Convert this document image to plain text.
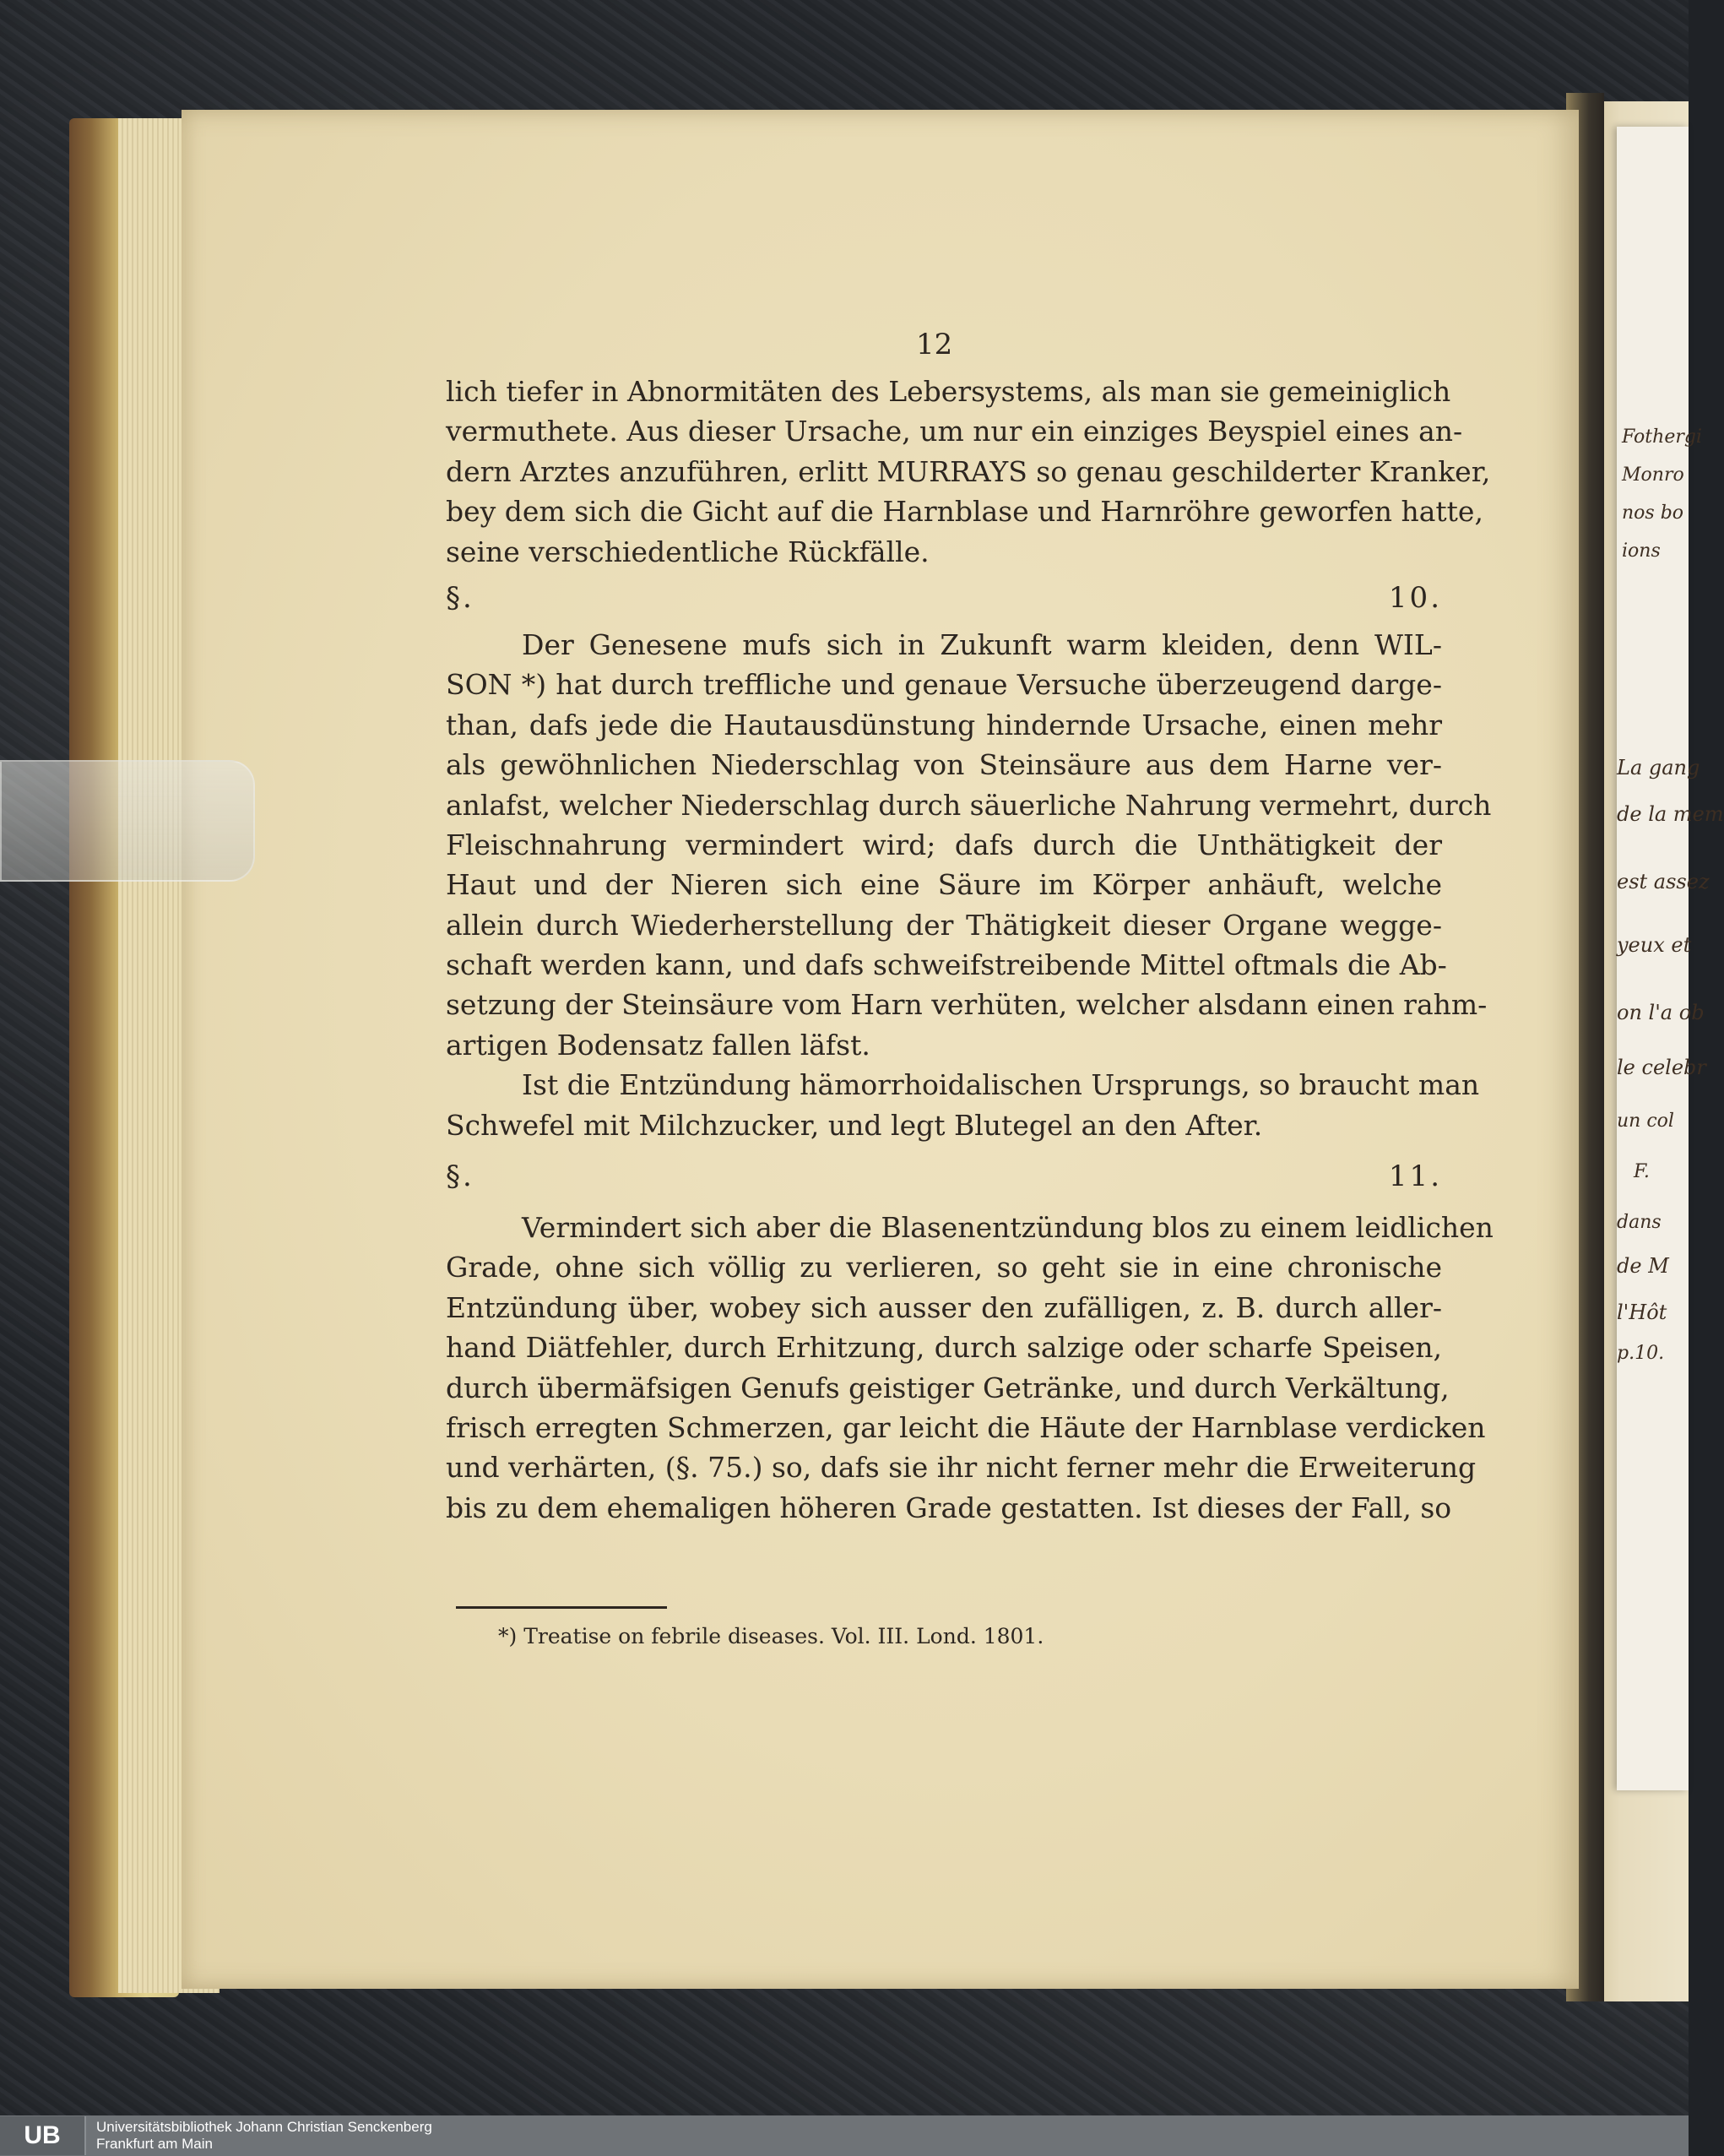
Fothergi
Monro
nos bo
ions
La gang
de la mem
est assez
yeux et
on l'a ob
le celebr
un col
F.
dans
de M
l'Hôt
p.10.
12
lich tiefer in Abnormitäten des Lebersystems, als man sie gemeiniglich
vermuthete. Aus dieser Ursache, um nur ein einziges Beyspiel eines an-
dern Arztes anzuführen, erlitt MURRAYS so genau geschilderter Kranker,
bey dem sich die Gicht auf die Harnblase und Harnröhre geworfen hatte,
seine verschiedentliche Rückfälle.
§. 10.
Der Genesene mufs sich in Zukunft warm kleiden, denn WIL-
SON *) hat durch treffliche und genaue Versuche überzeugend darge-
than, dafs jede die Hautausdünstung hindernde Ursache, einen mehr
als gewöhnlichen Niederschlag von Steinsäure aus dem Harne ver-
anlafst, welcher Niederschlag durch säuerliche Nahrung vermehrt, durch
Fleischnahrung vermindert wird; dafs durch die Unthätigkeit der
Haut und der Nieren sich eine Säure im Körper anhäuft, welche
allein durch Wiederherstellung der Thätigkeit dieser Organe wegge-
schaft werden kann, und dafs schweifstreibende Mittel oftmals die Ab-
setzung der Steinsäure vom Harn verhüten, welcher alsdann einen rahm-
artigen Bodensatz fallen läfst.
Ist die Entzündung hämorrhoidalischen Ursprungs, so braucht man
Schwefel mit Milchzucker, und legt Blutegel an den After.
§. 11.
Vermindert sich aber die Blasenentzündung blos zu einem leidlichen
Grade, ohne sich völlig zu verlieren, so geht sie in eine chronische
Entzündung über, wobey sich ausser den zufälligen, z. B. durch aller-
hand Diätfehler, durch Erhitzung, durch salzige oder scharfe Speisen,
durch übermäfsigen Genufs geistiger Getränke, und durch Verkältung,
frisch erregten Schmerzen, gar leicht die Häute der Harnblase verdicken
und verhärten, (§. 75.) so, dafs sie ihr nicht ferner mehr die Erweiterung
bis zu dem ehemaligen höheren Grade gestatten. Ist dieses der Fall, so
*) Treatise on febrile diseases. Vol. III. Lond. 1801.
UB	Universitätsbibliothek Johann Christian Senckenberg
Frankfurt am Main
